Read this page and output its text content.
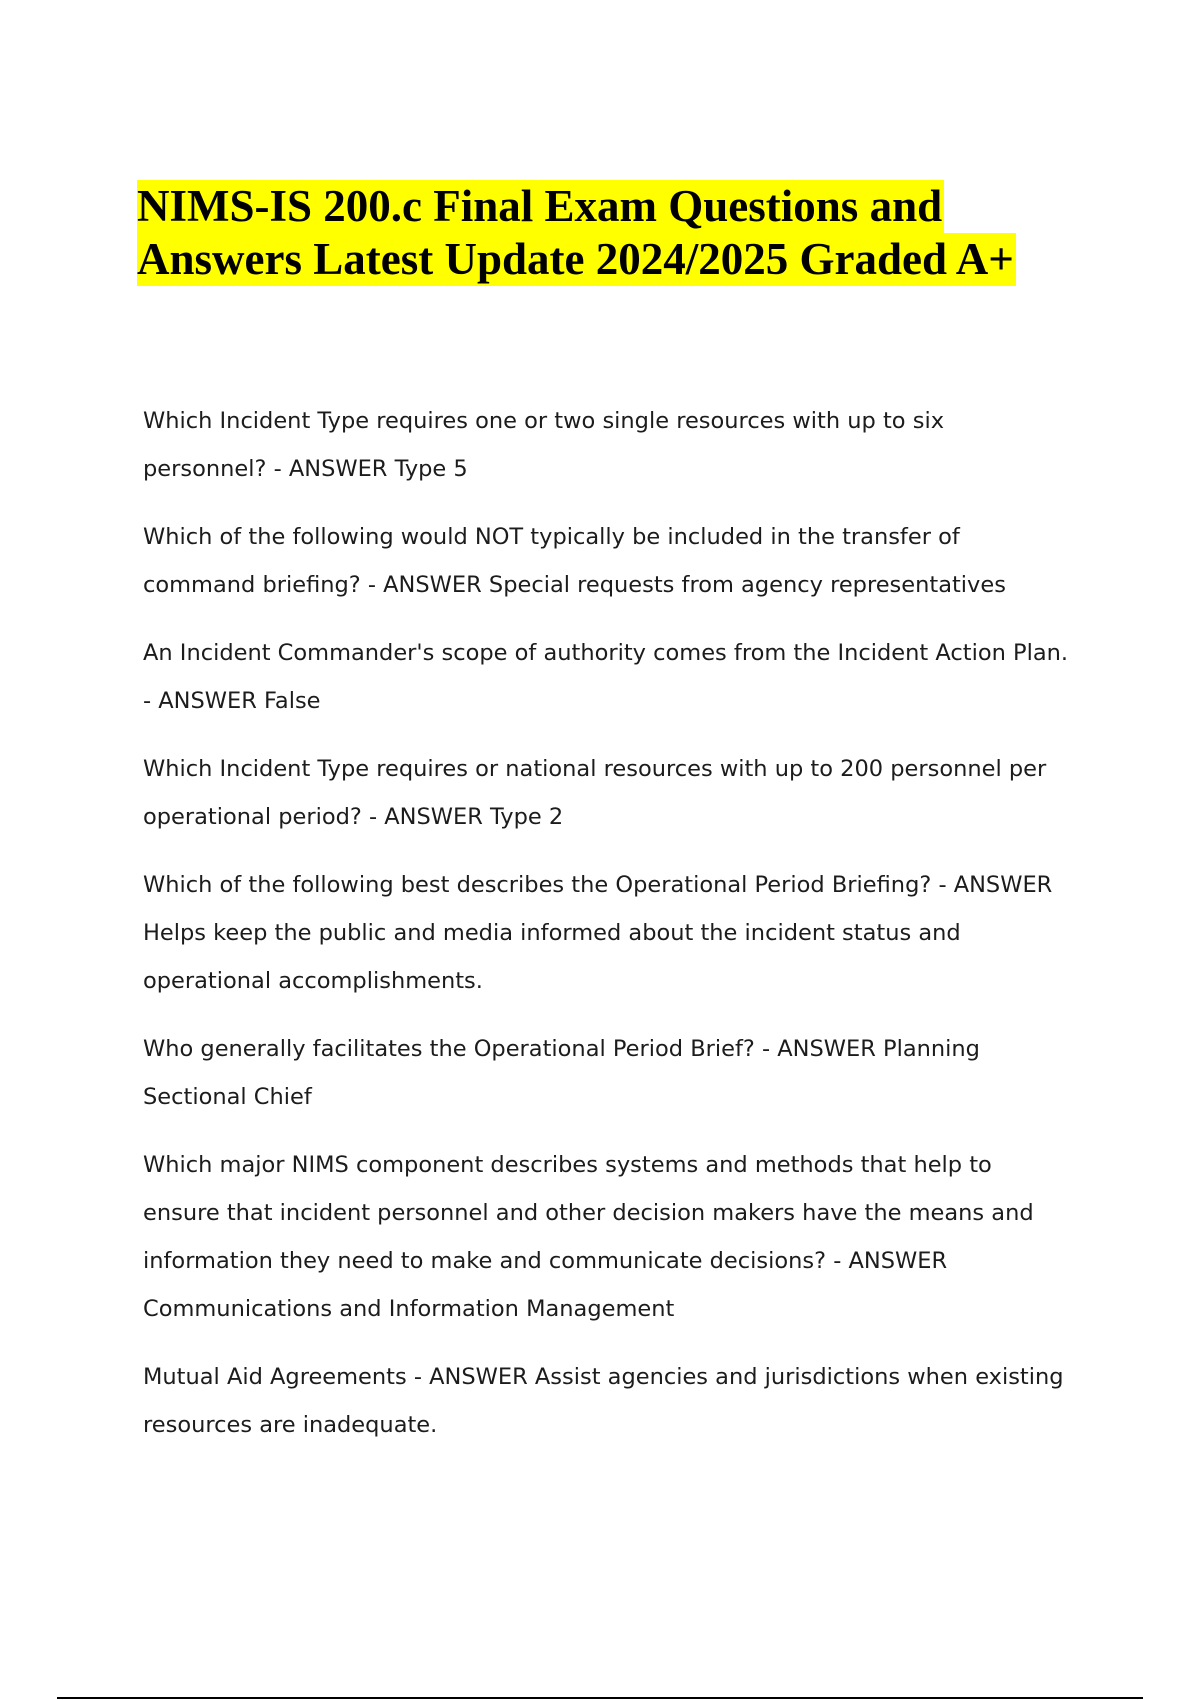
NIMS-IS 200.c Final Exam Questions and
Answers Latest Update 2024/2025 Graded A+
Which Incident Type requires one or two single resources with up to six personnel? - ANSWER Type 5
Which of the following would NOT typically be included in the transfer of command briefing? - ANSWER Special requests from agency representatives
An Incident Commander's scope of authority comes from the Incident Action Plan. - ANSWER False
Which Incident Type requires or national resources with up to 200 personnel per operational period? - ANSWER Type 2
Which of the following best describes the Operational Period Briefing? - ANSWER Helps keep the public and media informed about the incident status and operational accomplishments.
Who generally facilitates the Operational Period Brief? - ANSWER Planning Sectional Chief
Which major NIMS component describes systems and methods that help to ensure that incident personnel and other decision makers have the means and information they need to make and communicate decisions? - ANSWER Communications and Information Management
Mutual Aid Agreements - ANSWER Assist agencies and jurisdictions when existing resources are inadequate.
